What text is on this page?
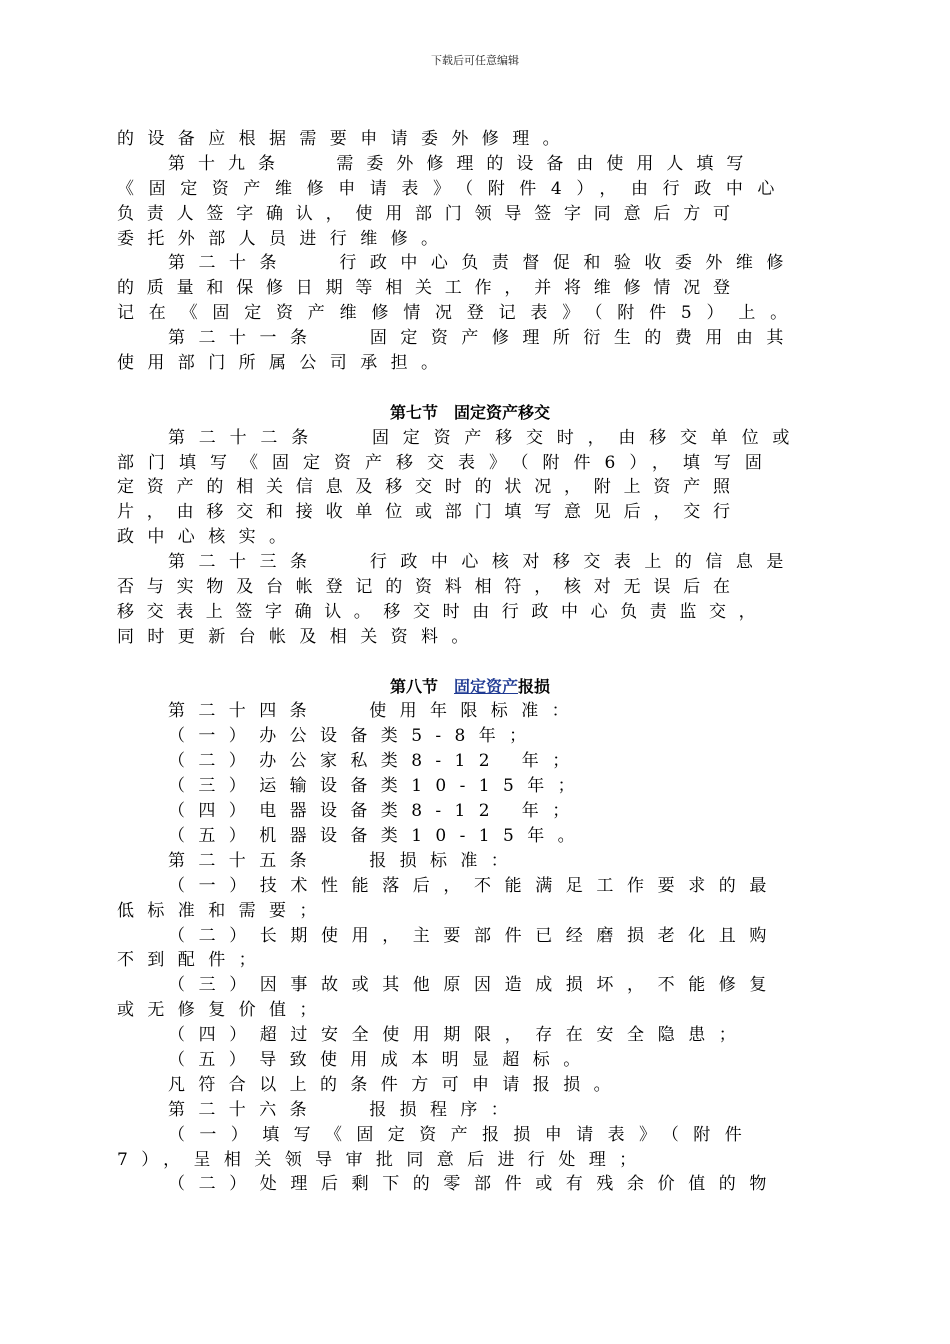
下载后可任意编辑
的设备应根据需要申请委外修理。
第十九条　 需委外修理的设备由使用人填写
《固定资产维修申请表》（附件4），由行政中心
负责人签字确认，使用部门领导签字同意后方可
委托外部人员进行维修。
第二十条　 行政中心负责督促和验收委外维修
的质量和保修日期等相关工作，并将维修情况登
记在《固定资产维修情况登记表》（附件5）上。
第二十一条　 固定资产修理所衍生的费用由其
使用部门所属公司承担。
第七节　固定资产移交
第二十二条　 固定资产移交时，由移交单位或
部门填写《固定资产移交表》（附件6），填写固
定资产的相关信息及移交时的状况，附上资产照
片，由移交和接收单位或部门填写意见后，交行
政中心核实。
第二十三条　 行政中心核对移交表上的信息是
否与实物及台帐登记的资料相符，核对无误后在
移交表上签字确认。移交时由行政中心负责监交，
同时更新台帐及相关资料。
第八节　固定资产报损
第二十四条　 使用年限标准：
（一）办公设备类5-8年；
（二）办公家私类8-12 年；
（三）运输设备类10-15年；
（四）电器设备类8-12 年；
（五）机器设备类10-15年。
第二十五条　 报损标准：
（一）技术性能落后，不能满足工作要求的最
低标准和需要；
（二）长期使用，主要部件已经磨损老化且购
不到配件；
（三）因事故或其他原因造成损坏，不能修复
或无修复价值；
（四）超过安全使用期限，存在安全隐患；
（五）导致使用成本明显超标。
凡符合以上的条件方可申请报损。
第二十六条　 报损程序：
（一）填写《固定资产报损申请表》（附件
7），呈相关领导审批同意后进行处理；
（二）处理后剩下的零部件或有残余价值的物
